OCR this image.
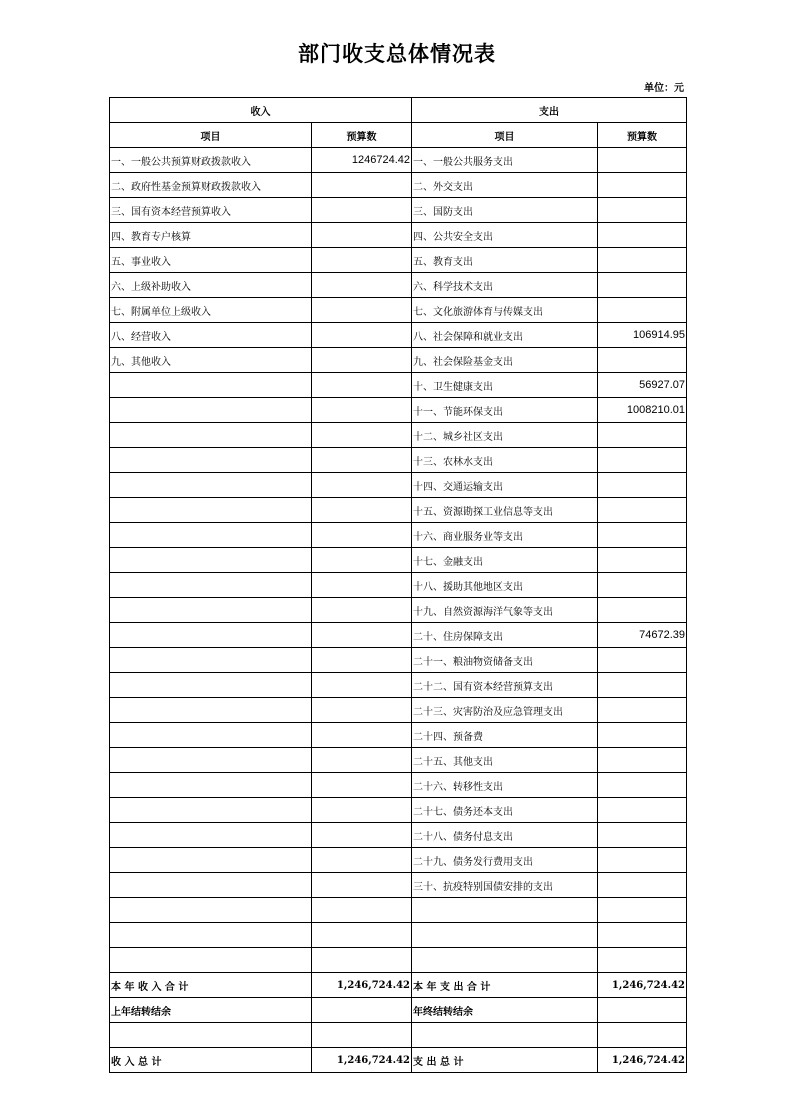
部门收支总体情况表
单位：元
收入		支出	
项目	预算数	项目	预算数
一、一般公共预算财政拨款收入	1246724.42	一、一般公共服务支出	
二、政府性基金预算财政拨款收入		二、外交支出	
三、国有资本经营预算收入		三、国防支出	
四、教育专户核算		四、公共安全支出	
五、事业收入		五、教育支出	
六、上级补助收入		六、科学技术支出	
七、附属单位上级收入		七、文化旅游体育与传媒支出	
八、经营收入		八、社会保障和就业支出	106914.95
九、其他收入		九、社会保险基金支出	
		十、卫生健康支出	56927.07
		十一、节能环保支出	1008210.01
		十二、城乡社区支出	
		十三、农林水支出	
		十四、交通运输支出	
		十五、资源勘探工业信息等支出	
		十六、商业服务业等支出	
		十七、金融支出	
		十八、援助其他地区支出	
		十九、自然资源海洋气象等支出	
		二十、住房保障支出	74672.39
		二十一、粮油物资储备支出	
		二十二、国有资本经营预算支出	
		二十三、灾害防治及应急管理支出	
		二十四、预备费	
		二十五、其他支出	
		二十六、转移性支出	
		二十七、债务还本支出	
		二十八、债务付息支出	
		二十九、债务发行费用支出	
		三十、抗疫特别国债安排的支出	

本 年 收 入 合 计	1,246,724.42	本 年 支 出 合 计	1,246,724.42
上年结转结余		年终结转结余	

收 入 总 计	1,246,724.42	支 出 总 计	1,246,724.42
